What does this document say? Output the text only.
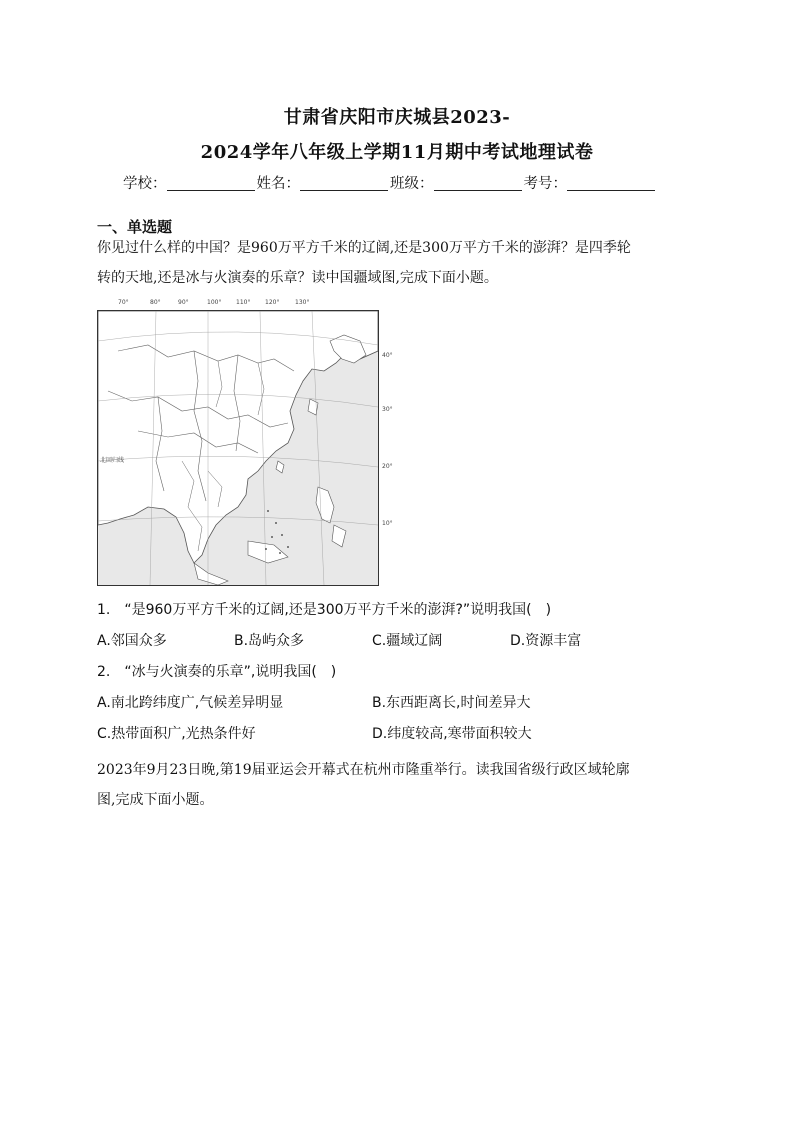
甘肃省庆阳市庆城县2023-
2024学年八年级上学期11月期中考试地理试卷
学校：	姓名：	班级：	考号：
一、单选题
你见过什么样的中国？是960万平方千米的辽阔,还是300万平方千米的澎湃？是四季轮
转的天地,还是冰与火演奏的乐章？读中国疆域图,完成下面小题。
70°	80°	90°	100° 110° 120°	130°
北回归线
40°
30°
20°
10°
1.　“是960万平方千米的辽阔,还是300万平方千米的澎湃?”说明我国(　)
A.邻国众多	B.岛屿众多	C.疆域辽阔	D.资源丰富
2.　“冰与火演奏的乐章”,说明我国(　)
A.南北跨纬度广,气候差异明显	B.东西距离长,时间差异大
C.热带面积广,光热条件好	D.纬度较高,寒带面积较大
2023年9月23日晚,第19届亚运会开幕式在杭州市隆重举行。读我国省级行政区域轮廓
图,完成下面小题。
